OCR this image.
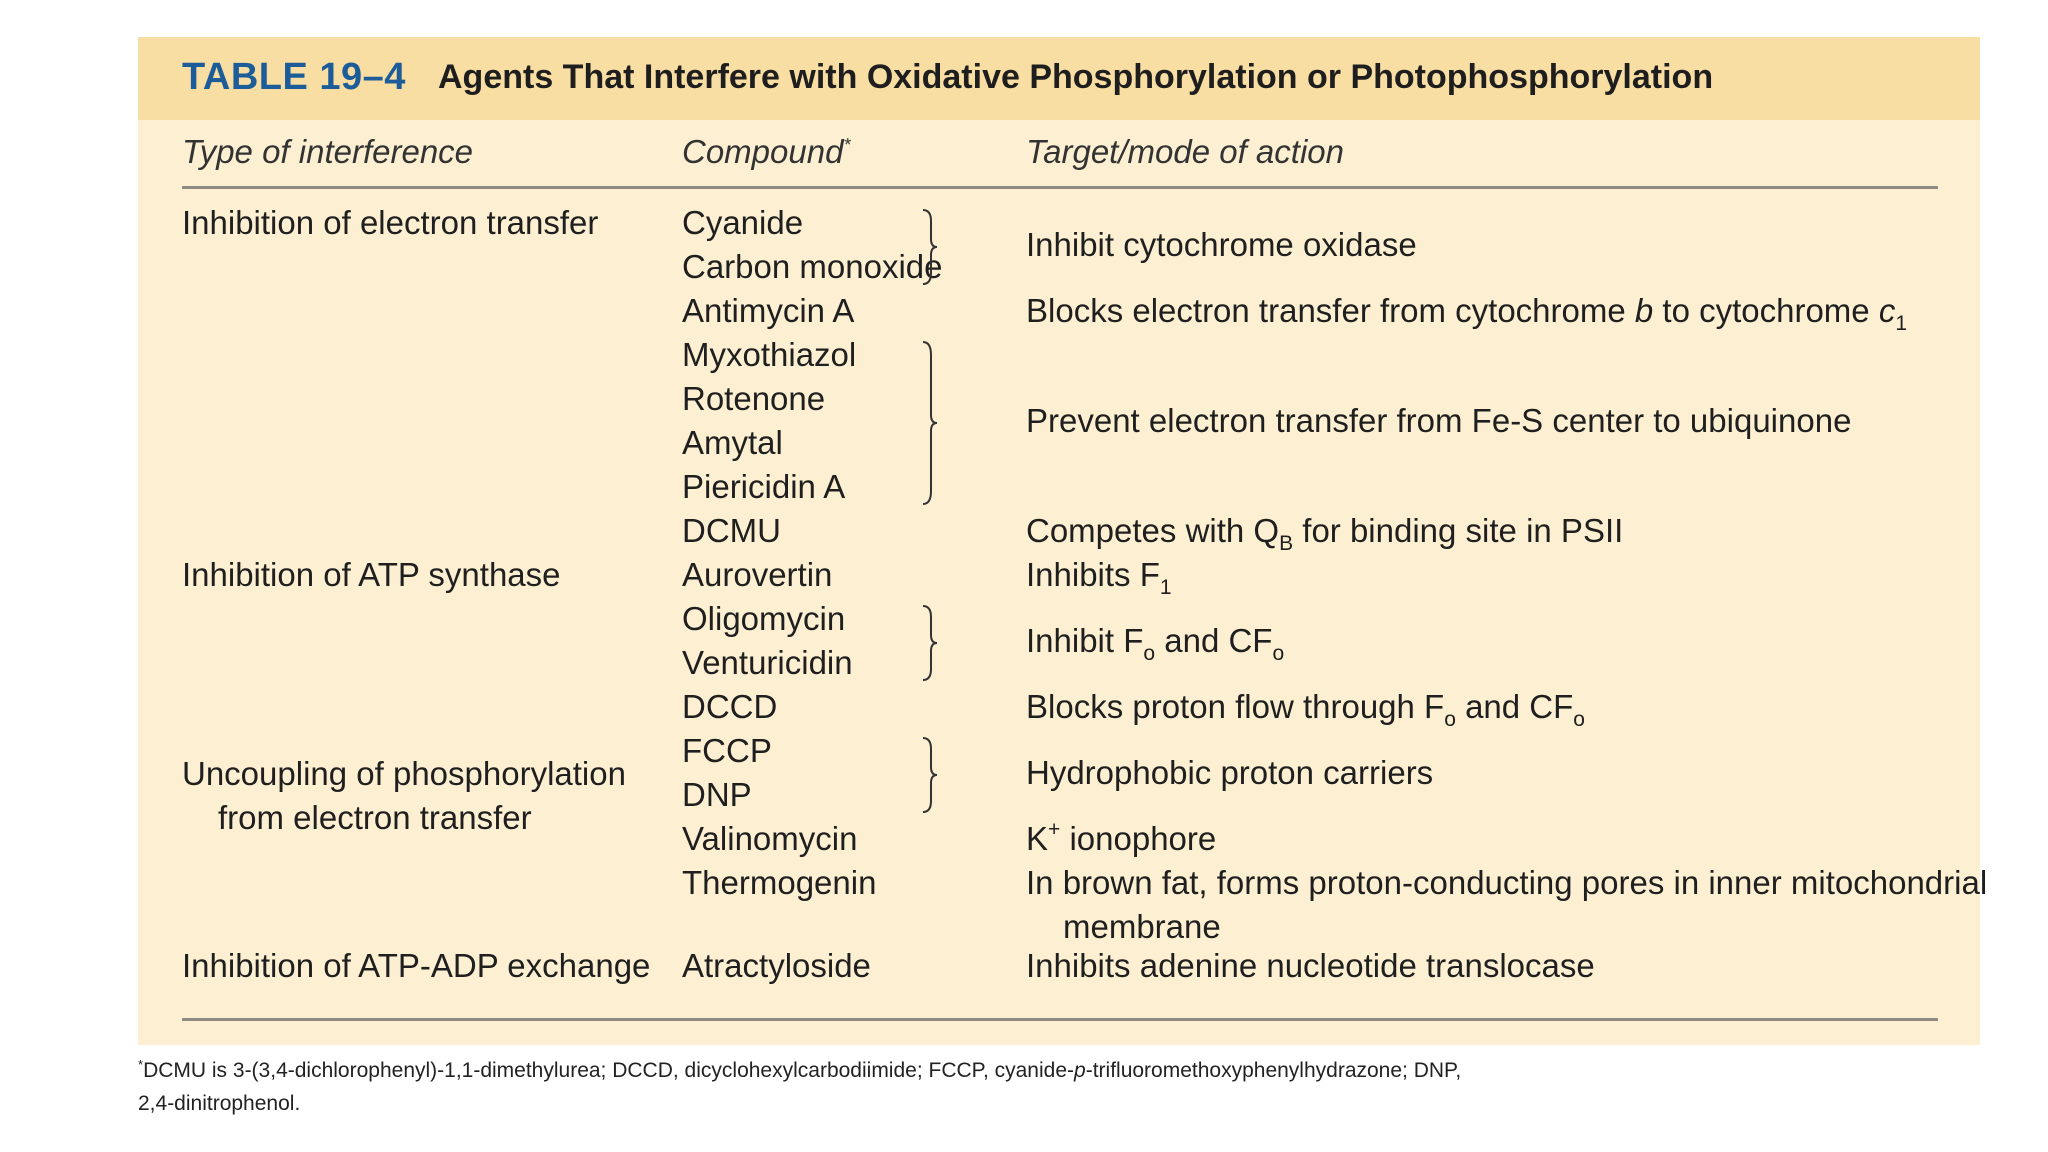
TABLE 19–4 Agents That Interfere with Oxidative Phosphorylation or Photophosphorylation
Type of interference	Compound*	Target/mode of action
Inhibition of electron transfer
Inhibition of ATP synthase
Uncoupling of phosphorylation
from electron transfer
Inhibition of ATP-ADP exchange
Cyanide
Carbon monoxide
Antimycin A
Myxothiazol
Rotenone
Amytal
Piericidin A
DCMU
Aurovertin
Oligomycin
Venturicidin
DCCD
FCCP
DNP
Valinomycin
Thermogenin
Atractyloside
Inhibit cytochrome oxidase
Blocks electron transfer from cytochrome b to cytochrome $c_1$
Prevent electron transfer from Fe-S center to ubiquinone
Competes with $Q_B$ for binding site in PSII
Inhibits $F_1$
Inhibit $F_o$ and $CF_o$
Blocks proton flow through $F_o$ and $CF_o$
Hydrophobic proton carriers
K+ ionophore
In brown fat, forms proton-conducting pores in inner mitochondrial
membrane
Inhibits adenine nucleotide translocase
*DCMU is 3-(3,4-dichlorophenyl)-1,1-dimethylurea; DCCD, dicyclohexylcarbodiimide; FCCP, cyanide-p-trifluoromethoxyphenylhydrazone; DNP,
2,4-dinitrophenol.
